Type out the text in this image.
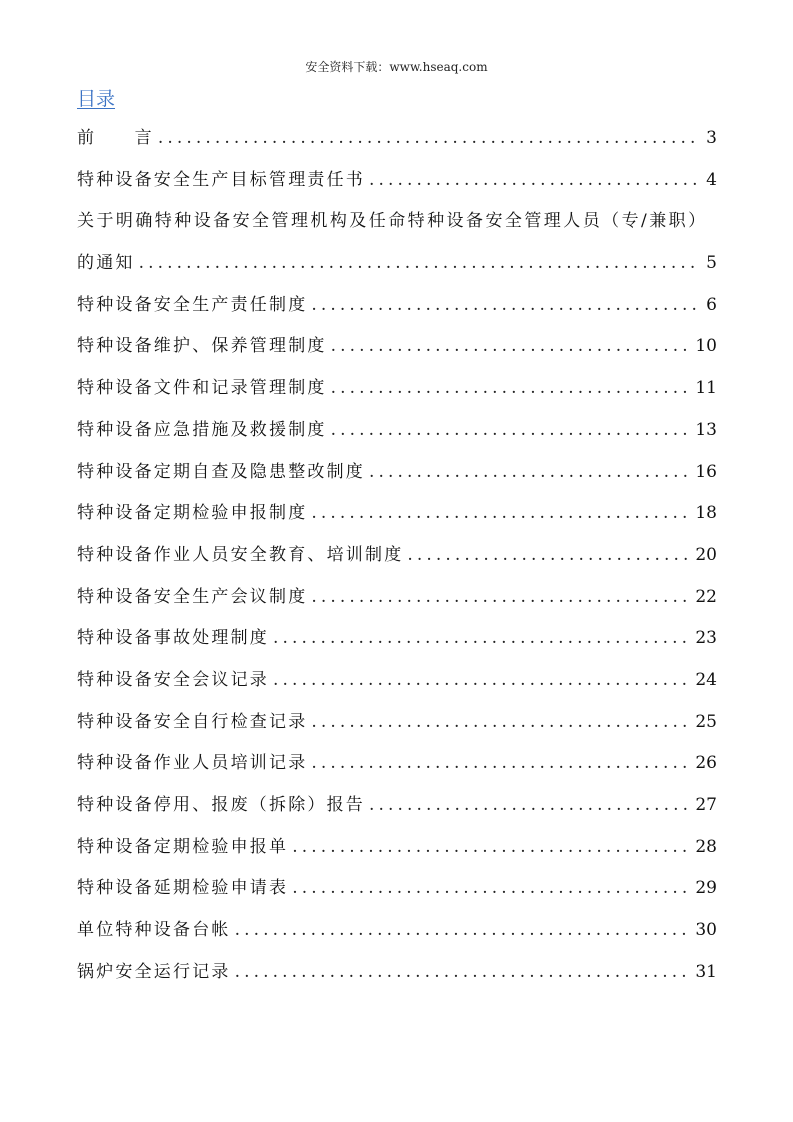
安全资料下载：www.hseaq.com
目录
前　　言 .....	3
特种设备安全生产目标管理责任书 .....	4
关于明确特种设备安全管理机构及任命特种设备安全管理人员（专/兼职）
的通知 .....	5
特种设备安全生产责任制度 .....	6
特种设备维护、保养管理制度 .....	10
特种设备文件和记录管理制度 .....	11
特种设备应急措施及救援制度 .....	13
特种设备定期自查及隐患整改制度 .....	16
特种设备定期检验申报制度 .....	18
特种设备作业人员安全教育、培训制度 .....	20
特种设备安全生产会议制度 .....	22
特种设备事故处理制度 .....	23
特种设备安全会议记录 .....	24
特种设备安全自行检查记录 .....	25
特种设备作业人员培训记录 .....	26
特种设备停用、报废（拆除）报告 .....	27
特种设备定期检验申报单 .....	28
特种设备延期检验申请表 .....	29
单位特种设备台帐 .....	30
锅炉安全运行记录 .....	31
